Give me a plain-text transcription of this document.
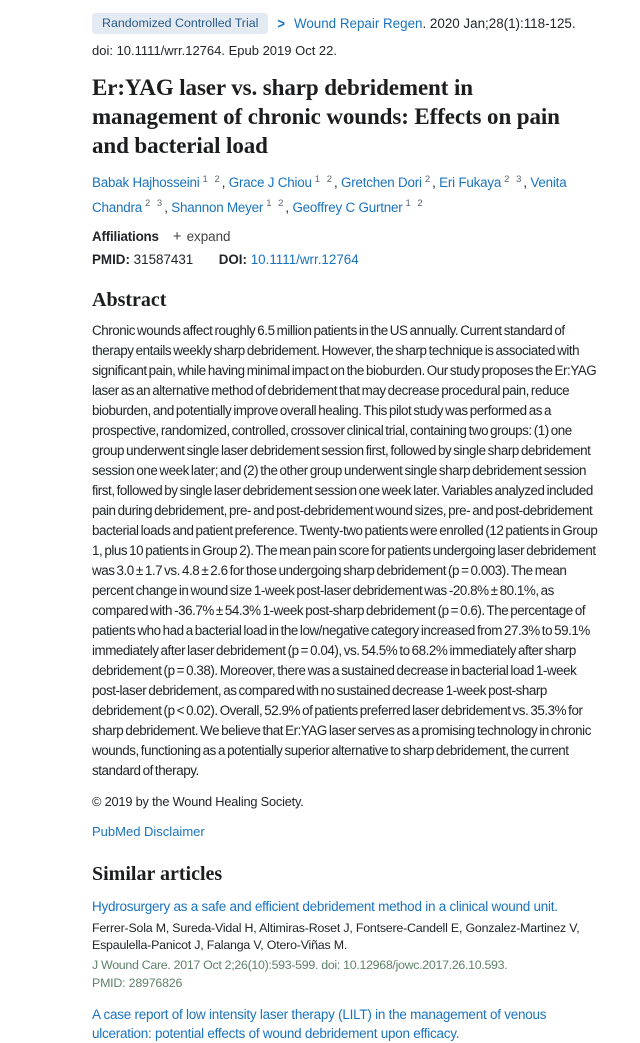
Randomized Controlled Trial	> Wound Repair Regen. 2020 Jan;28(1):118-125.
doi: 10.1111/wrr.12764. Epub 2019 Oct 22.
Er:YAG laser vs. sharp debridement in management of chronic wounds: Effects on pain and bacterial load
Babak Hajhosseini $^{1 2}$, Grace J Chiou $^{1 2}$, Gretchen Dori $^2$, Eri Fukaya $^{2 3}$, Venita Chandra $^{2 3}$, Shannon Meyer $^{1 2}$, Geoffrey C Gurtner $^{1 2}$
Affiliations + expand
PMID: 31587431 DOI: 10.1111/wrr.12764
Abstract

Chronic wounds affect roughly 6.5 million patients in the US annually. Current standard of therapy entails weekly sharp debridement. However, the sharp technique is associated with significant pain, while having minimal impact on the bioburden. Our study proposes the Er:YAG laser as an alternative method of debridement that may decrease procedural pain, reduce bioburden, and potentially improve overall healing. This pilot study was performed as a prospective, randomized, controlled, crossover clinical trial, containing two groups: (1) one group underwent single laser debridement session first, followed by single sharp debridement session one week later; and (2) the other group underwent single sharp debridement session first, followed by single laser debridement session one week later. Variables analyzed included pain during debridement, pre- and post-debridement wound sizes, pre- and post-debridement bacterial loads and patient preference. Twenty-two patients were enrolled (12 patients in Group 1, plus 10 patients in Group 2). The mean pain score for patients undergoing laser debridement was 3.0 ± 1.7 vs. 4.8 ± 2.6 for those undergoing sharp debridement (p = 0.003). The mean percent change in wound size 1-week post-laser debridement was -20.8% ± 80.1%, as compared with -36.7% ± 54.3% 1-week post-sharp debridement (p = 0.6). The percentage of patients who had a bacterial load in the low/negative category increased from 27.3% to 59.1% immediately after laser debridement (p = 0.04), vs. 54.5% to 68.2% immediately after sharp debridement (p = 0.38). Moreover, there was a sustained decrease in bacterial load 1-week post-laser debridement, as compared with no sustained decrease 1-week post-sharp debridement (p < 0.02). Overall, 52.9% of patients preferred laser debridement vs. 35.3% for sharp debridement. We believe that Er:YAG laser serves as a promising technology in chronic wounds, functioning as a potentially superior alternative to sharp debridement, the current standard of therapy.

© 2019 by the Wound Healing Society.
PubMed Disclaimer
Similar articles
Hydrosurgery as a safe and efficient debridement method in a clinical wound unit.
Ferrer-Sola M, Sureda-Vidal H, Altimiras-Roset J, Fontsere-Candell E, Gonzalez-Martinez V, Espaulella-Panicot J, Falanga V, Otero-Viñas M.
J Wound Care. 2017 Oct 2;26(10):593-599. doi: 10.12968/jowc.2017.26.10.593.
PMID: 28976826
A case report of low intensity laser therapy (LILT) in the management of venous ulceration: potential effects of wound debridement upon efficacy.
